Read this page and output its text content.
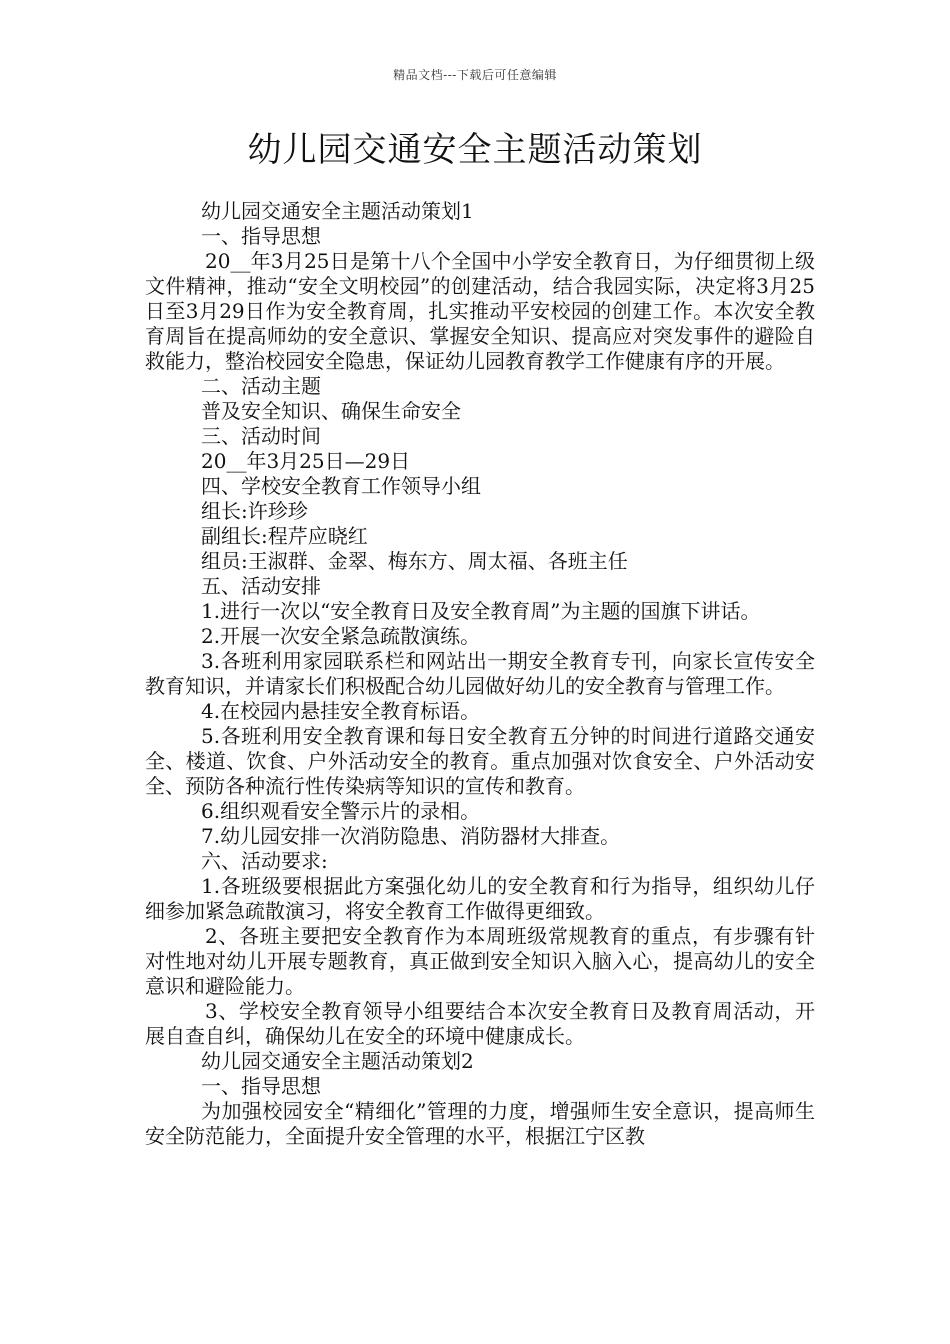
精品文档---下载后可任意编辑
幼儿园交通安全主题活动策划

幼儿园交通安全主题活动策划1

一、指导思想

20__年3月25日是第十八个全国中小学安全教育日，为仔细贯彻上级文件精神，推动“安全文明校园”的创建活动，结合我园实际，决定将3月25日至3月29日作为安全教育周，扎实推动平安校园的创建工作。本次安全教育周旨在提高师幼的安全意识、掌握安全知识、提高应对突发事件的避险自救能力，整治校园安全隐患，保证幼儿园教育教学工作健康有序的开展。

二、活动主题

普及安全知识、确保生命安全

三、活动时间

20__年3月25日—29日

四、学校安全教育工作领导小组

组长:许珍珍

副组长:程芹应晓红

组员:王淑群、金翠、梅东方、周太福、各班主任

五、活动安排

1.进行一次以“安全教育日及安全教育周”为主题的国旗下讲话。

2.开展一次安全紧急疏散演练。

3.各班利用家园联系栏和网站出一期安全教育专刊，向家长宣传安全教育知识，并请家长们积极配合幼儿园做好幼儿的安全教育与管理工作。

4.在校园内悬挂安全教育标语。

5.各班利用安全教育课和每日安全教育五分钟的时间进行道路交通安全、楼道、饮食、户外活动安全的教育。重点加强对饮食安全、户外活动安全、预防各种流行性传染病等知识的宣传和教育。

6.组织观看安全警示片的录相。

7.幼儿园安排一次消防隐患、消防器材大排查。

六、活动要求:

1.各班级要根据此方案强化幼儿的安全教育和行为指导，组织幼儿仔细参加紧急疏散演习，将安全教育工作做得更细致。

2、各班主要把安全教育作为本周班级常规教育的重点，有步骤有针对性地对幼儿开展专题教育，真正做到安全知识入脑入心，提高幼儿的安全意识和避险能力。

3、学校安全教育领导小组要结合本次安全教育日及教育周活动，开展自查自纠，确保幼儿在安全的环境中健康成长。

幼儿园交通安全主题活动策划2

一、指导思想

为加强校园安全“精细化”管理的力度，增强师生安全意识，提高师生安全防范能力，全面提升安全管理的水平，根据江宁区教
